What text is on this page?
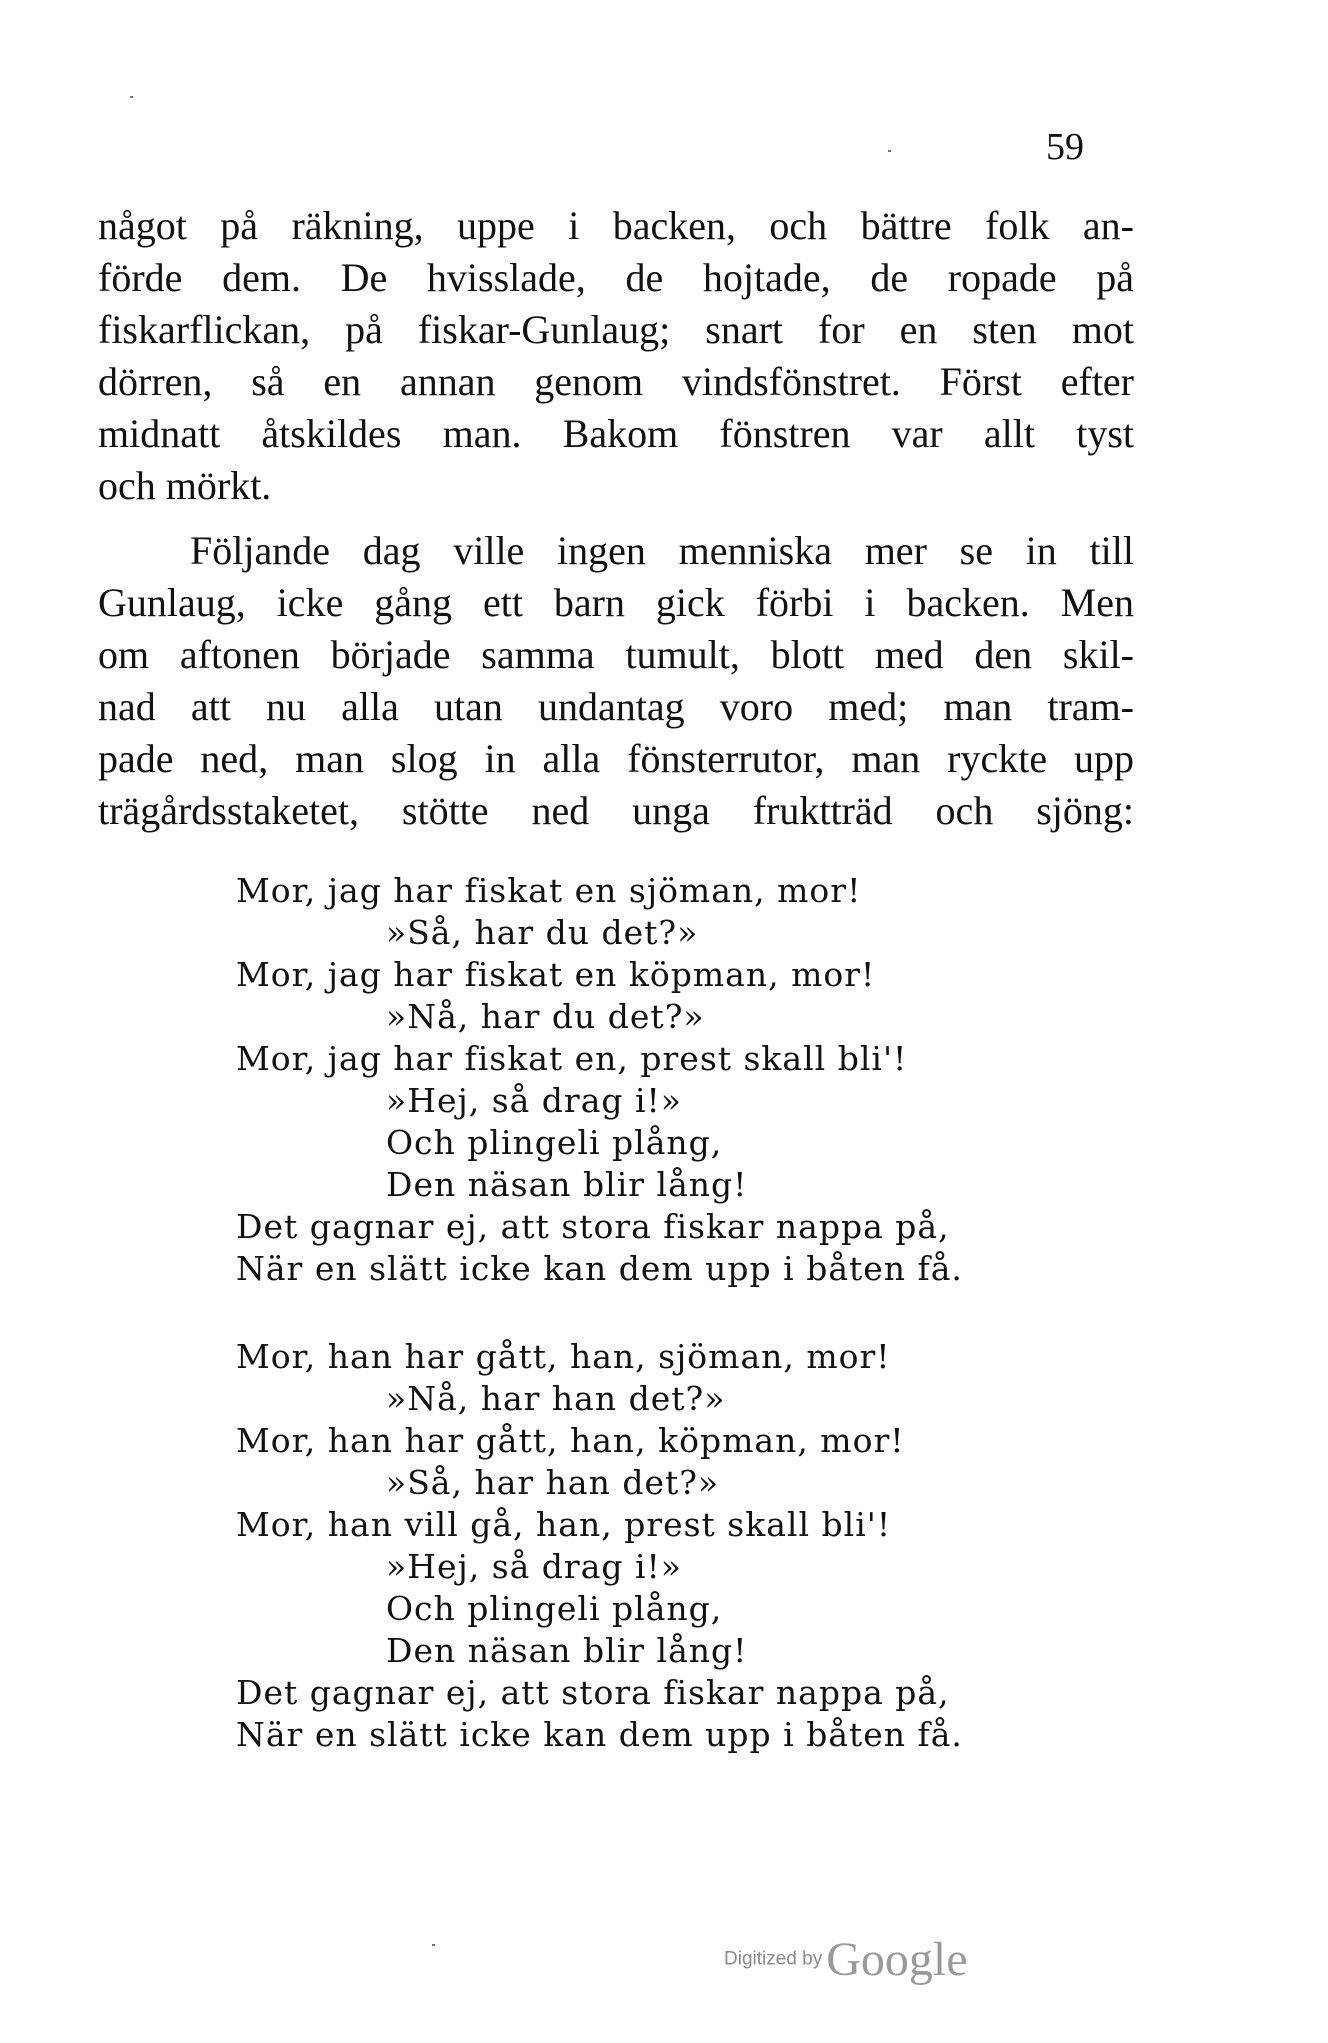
59
något på räkning, uppe i backen, och bättre folk an-
förde dem. De hvisslade, de hojtade, de ropade på
fiskarflickan, på fiskar-Gunlaug; snart for en sten mot
dörren, så en annan genom vindsfönstret. Först efter
midnatt åtskildes man. Bakom fönstren var allt tyst
och mörkt.
Följande dag ville ingen menniska mer se in till
Gunlaug, icke gång ett barn gick förbi i backen. Men
om aftonen började samma tumult, blott med den skil-
nad att nu alla utan undantag voro med; man tram-
pade ned, man slog in alla fönsterrutor, man ryckte upp
trägårdsstaketet, stötte ned unga fruktträd och sjöng:
Mor, jag har fiskat en sjöman, mor!
»Så, har du det?»
Mor, jag har fiskat en köpman, mor!
»Nå, har du det?»
Mor, jag har fiskat en, prest skall bli'!
»Hej, så drag i!»
Och plingeli plång,
Den näsan blir lång!
Det gagnar ej, att stora fiskar nappa på,
När en slätt icke kan dem upp i båten få.
Mor, han har gått, han, sjöman, mor!
»Nå, har han det?»
Mor, han har gått, han, köpman, mor!
»Så, har han det?»
Mor, han vill gå, han, prest skall bli'!
»Hej, så drag i!»
Och plingeli plång,
Den näsan blir lång!
Det gagnar ej, att stora fiskar nappa på,
När en slätt icke kan dem upp i båten få.
Digitized by Google
